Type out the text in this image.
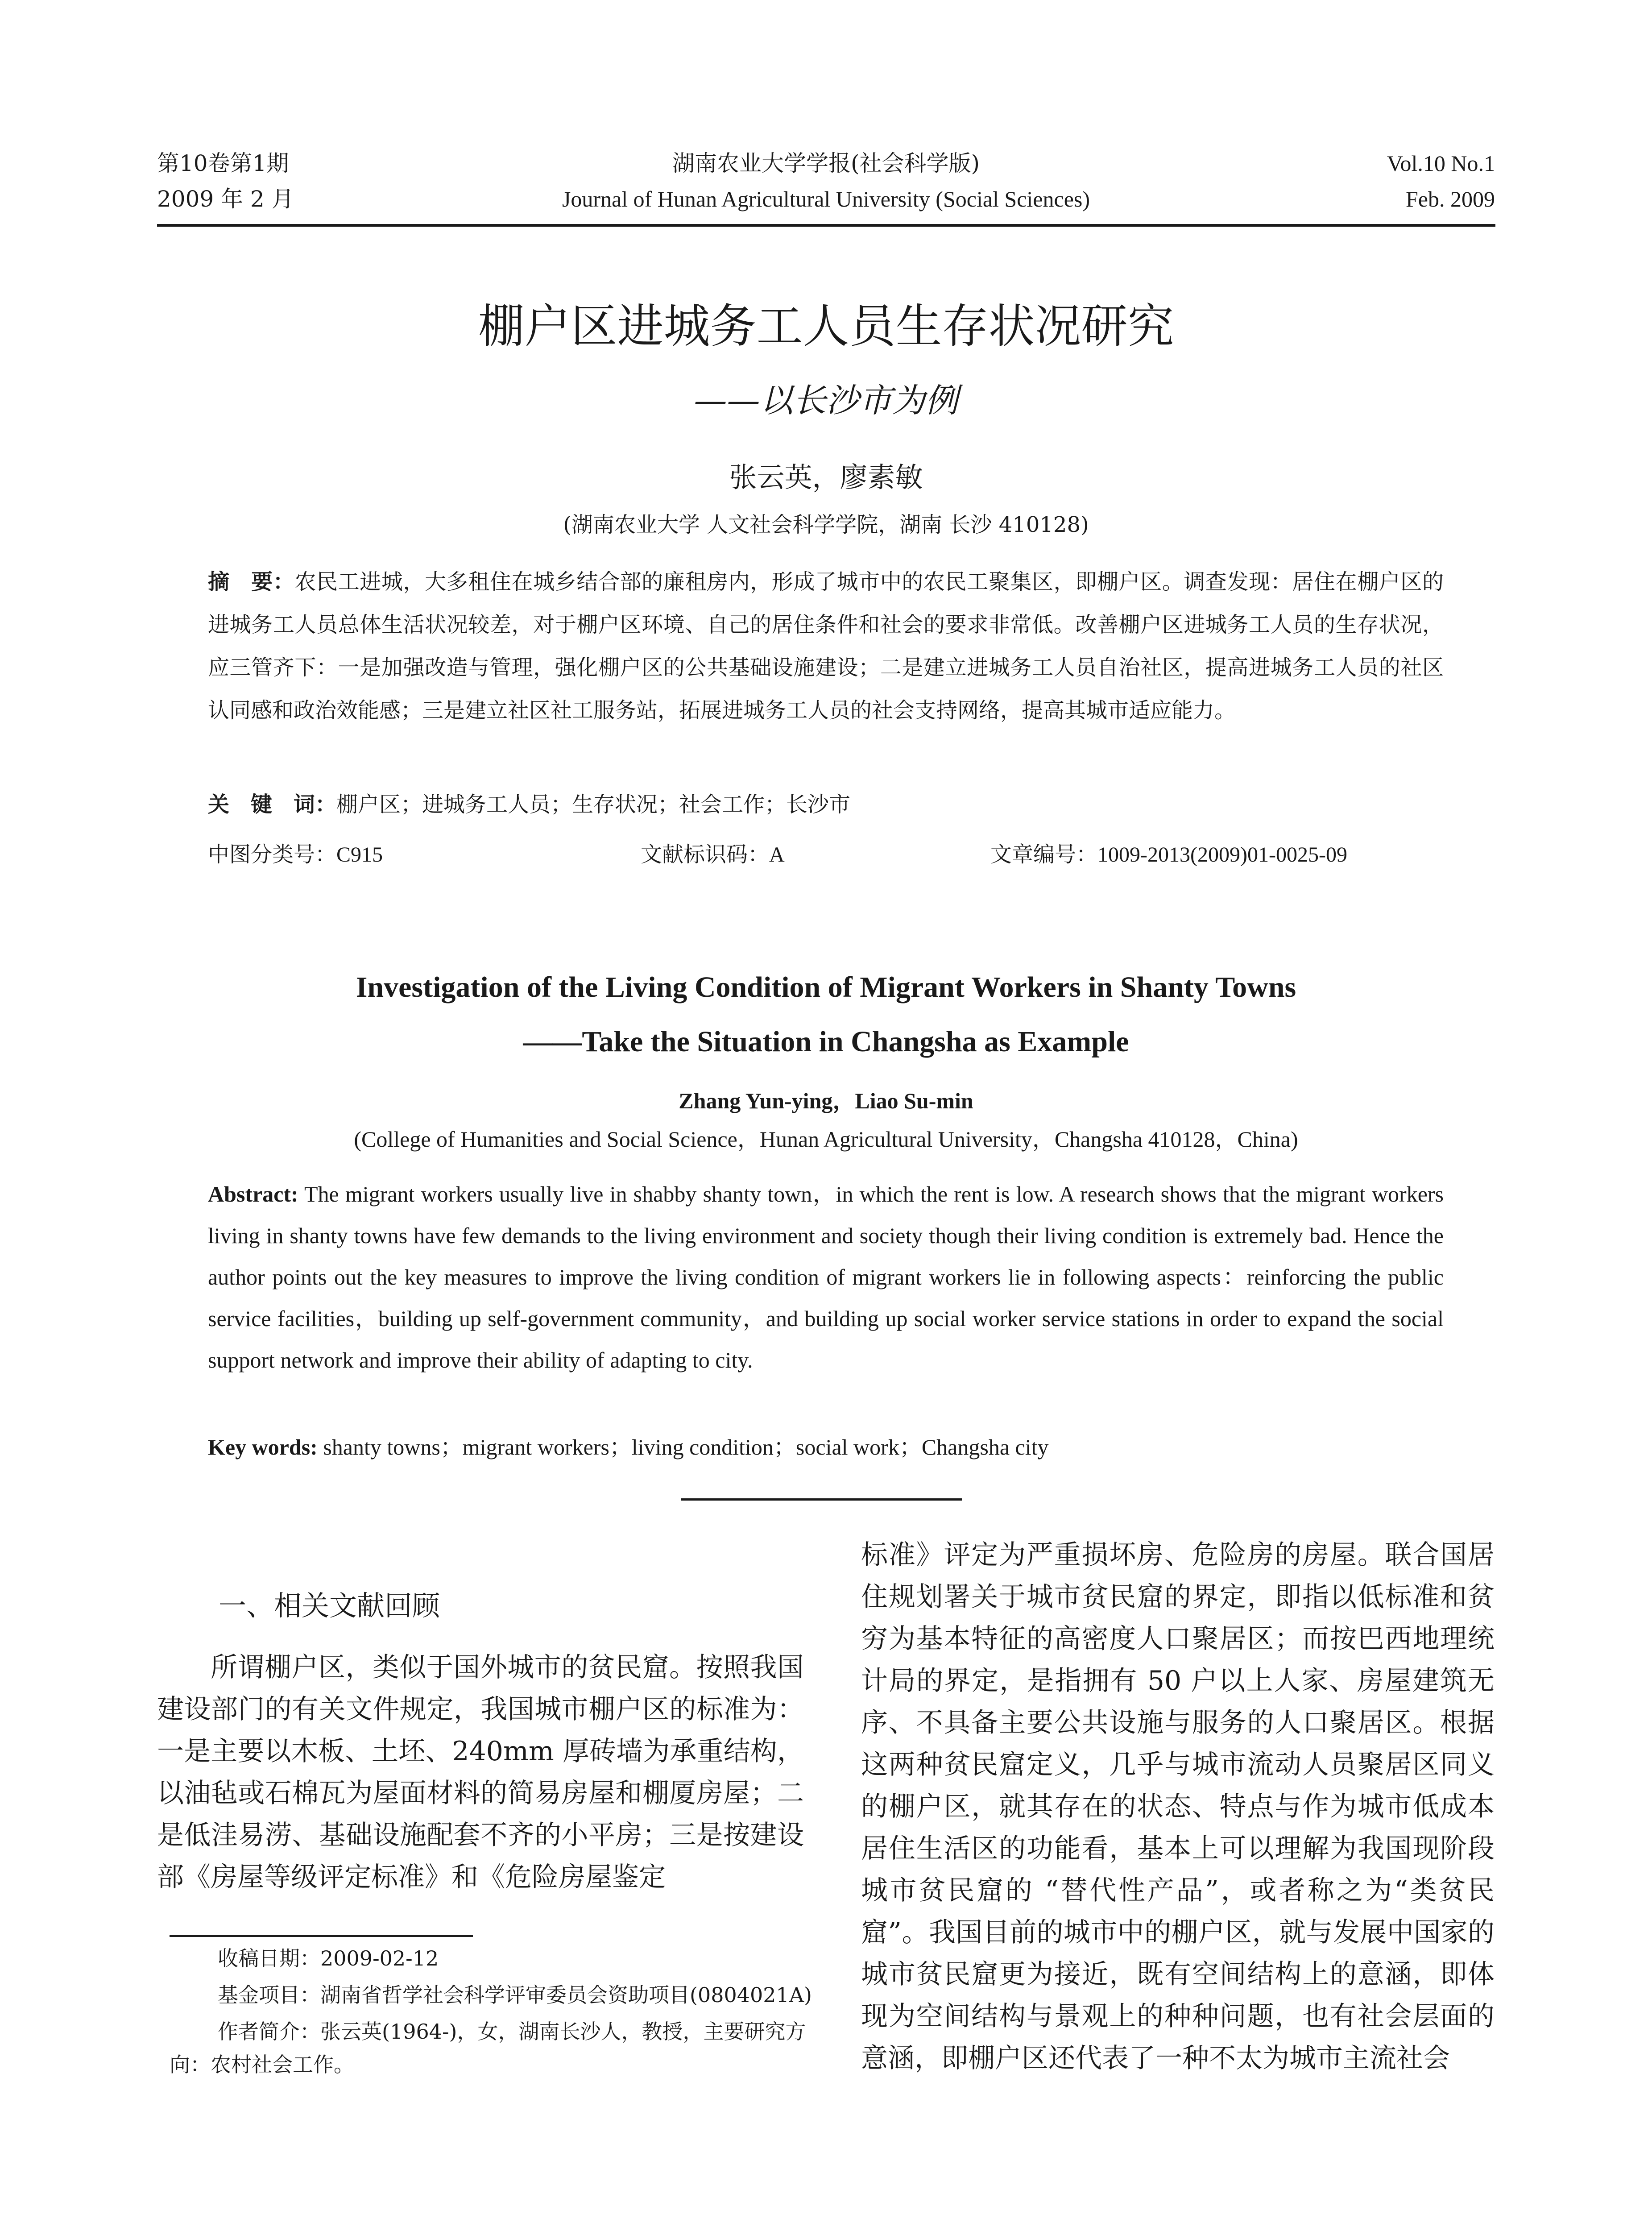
第10卷第1期
2009 年 2 月
湖南农业大学学报(社会科学版)
Journal of Hunan Agricultural University (Social Sciences)
Vol.10 No.1
Feb. 2009
棚户区进城务工人员生存状况研究
——以长沙市为例
张云英，廖素敏
(湖南农业大学 人文社会科学学院，湖南 长沙 410128)
摘　要：农民工进城，大多租住在城乡结合部的廉租房内，形成了城市中的农民工聚集区，即棚户区。调查发现：居住在棚户区的进城务工人员总体生活状况较差，对于棚户区环境、自己的居住条件和社会的要求非常低。改善棚户区进城务工人员的生存状况，应三管齐下：一是加强改造与管理，强化棚户区的公共基础设施建设；二是建立进城务工人员自治社区，提高进城务工人员的社区认同感和政治效能感；三是建立社区社工服务站，拓展进城务工人员的社会支持网络，提高其城市适应能力。
关　键　词：棚户区；进城务工人员；生存状况；社会工作；长沙市
中图分类号：C915	文献标识码：A	文章编号：1009-2013(2009)01-0025-09
Investigation of the Living Condition of Migrant Workers in Shanty Towns
——Take the Situation in Changsha as Example
Zhang Yun-ying，Liao Su-min
(College of Humanities and Social Science，Hunan Agricultural University，Changsha 410128，China)
Abstract: The migrant workers usually live in shabby shanty town，in which the rent is low. A research shows that the migrant workers living in shanty towns have few demands to the living environment and society though their living condition is extremely bad. Hence the author points out the key measures to improve the living condition of migrant workers lie in following aspects：reinforcing the public service facilities，building up self-government community，and building up social worker service stations in order to expand the social support network and improve their ability of adapting to city.
Key words: shanty towns；migrant workers；living condition；social work；Changsha city
一、相关文献回顾
所谓棚户区，类似于国外城市的贫民窟。按照我国建设部门的有关文件规定，我国城市棚户区的标准为：一是主要以木板、土坯、240mm 厚砖墙为承重结构，以油毡或石棉瓦为屋面材料的简易房屋和棚厦房屋；二是低洼易涝、基础设施配套不齐的小平房；三是按建设部《房屋等级评定标准》和《危险房屋鉴定
标准》评定为严重损坏房、危险房的房屋。联合国居住规划署关于城市贫民窟的界定，即指以低标准和贫穷为基本特征的高密度人口聚居区；而按巴西地理统计局的界定，是指拥有 50 户以上人家、房屋建筑无序、不具备主要公共设施与服务的人口聚居区。根据这两种贫民窟定义，几乎与城市流动人员聚居区同义的棚户区，就其存在的状态、特点与作为城市低成本居住生活区的功能看，基本上可以理解为我国现阶段城市贫民窟的 “替代性产品”，或者称之为“类贫民窟”。我国目前的城市中的棚户区，就与发展中国家的城市贫民窟更为接近，既有空间结构上的意涵，即体现为空间结构与景观上的种种问题，也有社会层面的意涵，即棚户区还代表了一种不太为城市主流社会

收稿日期：2009-02-12

基金项目：湖南省哲学社会科学评审委员会资助项目(0804021A)

作者简介：张云英(1964-)，女，湖南长沙人，教授，主要研究方向：农村社会工作。
